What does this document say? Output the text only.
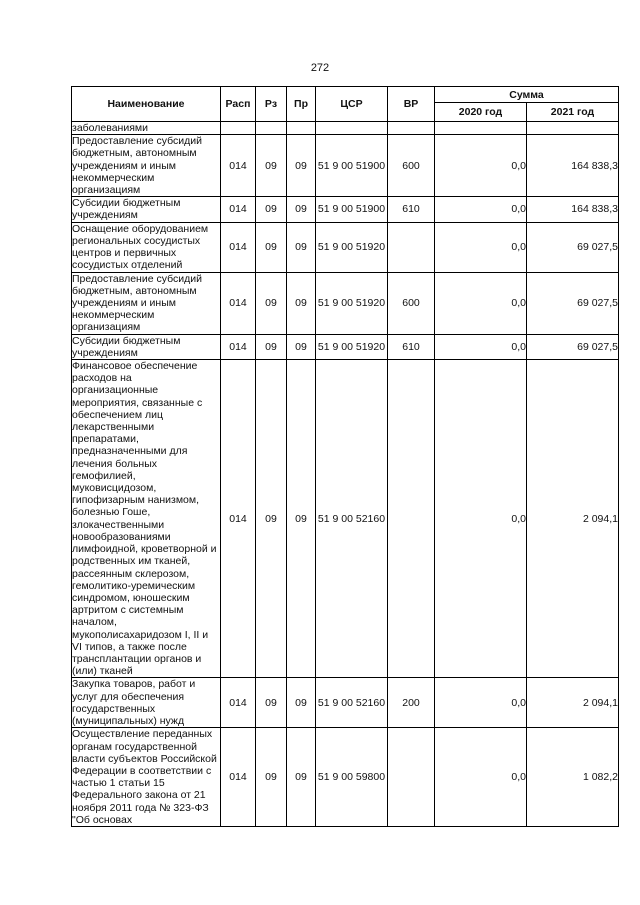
272
Наименование	Расп	Рз	Пр	ЦСР	ВР	Сумма	
						2020 год	2021 год
заболеваниями							
Предоставление субсидий бюджетным, автономным учреждениям и иным некоммерческим организациям	014	09	09	51 9 00 51900	600	0,0	164 838,3
Субсидии бюджетным учреждениям	014	09	09	51 9 00 51900	610	0,0	164 838,3
Оснащение оборудованием региональных сосудистых центров и первичных сосудистых отделений	014	09	09	51 9 00 51920		0,0	69 027,5
Предоставление субсидий бюджетным, автономным учреждениям и иным некоммерческим организациям	014	09	09	51 9 00 51920	600	0,0	69 027,5
Субсидии бюджетным учреждениям	014	09	09	51 9 00 51920	610	0,0	69 027,5
Финансовое обеспечение расходов на организационные мероприятия, связанные с обеспечением лиц лекарственными препаратами, предназначенными для лечения больных гемофилией, муковисцидозом, гипофизарным нанизмом, болезнью Гоше, злокачественными новообразованиями лимфоидной, кроветворной и родственных им тканей, рассеянным склерозом, гемолитико-уремическим синдромом, юношеским артритом с системным началом, мукополисахаридозом I, II и VI типов, а также после трансплантации органов и (или) тканей	014	09	09	51 9 00 52160		0,0	2 094,1
Закупка товаров, работ и услуг для обеспечения государственных (муниципальных) нужд	014	09	09	51 9 00 52160	200	0,0	2 094,1
Осуществление переданных органам государственной власти субъектов Российской Федерации в соответствии с частью 1 статьи 15 Федерального закона от 21 ноября 2011 года № 323-ФЗ "Об основах	014	09	09	51 9 00 59800		0,0	1 082,2
